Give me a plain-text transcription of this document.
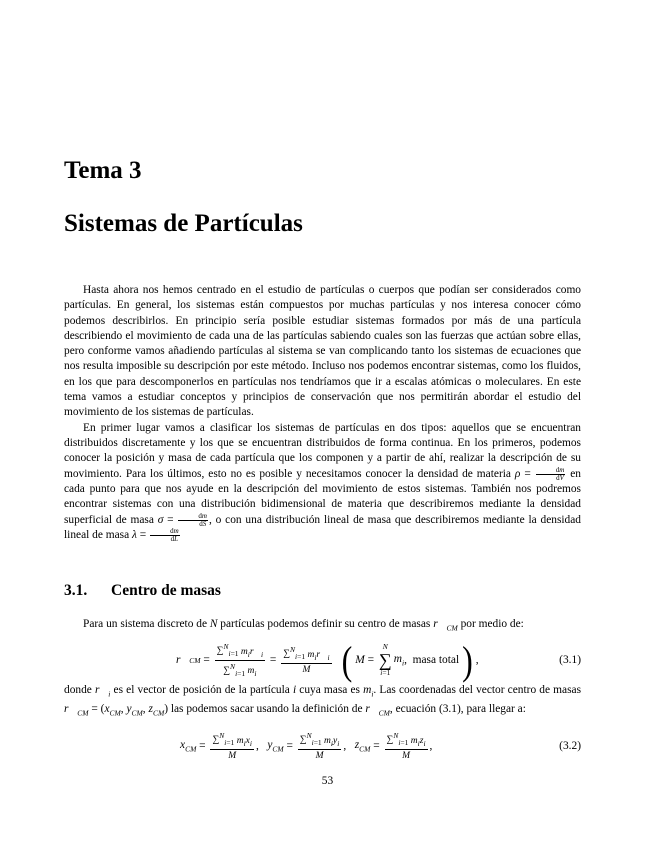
Tema 3
Sistemas de Partículas

Hasta ahora nos hemos centrado en el estudio de partículas o cuerpos que podían ser considerados como partículas. En general, los sistemas están compuestos por muchas partículas y nos interesa conocer cómo podemos describirlos. En principio sería posible estudiar sistemas formados por más de una partícula describiendo el movimiento de cada una de las partículas sabiendo cuales son las fuerzas que actúan sobre ellas, pero conforme vamos añadiendo partículas al sistema se van complicando tanto los sistemas de ecuaciones que nos resulta imposible su descripción por este método. Incluso nos podemos encontrar sistemas, como los fluidos, en los que para descomponerlos en partículas nos tendríamos que ir a escalas atómicas o moleculares. En este tema vamos a estudiar conceptos y principios de conservación que nos permitirán abordar el estudio del movimiento de los sistemas de partículas.

En primer lugar vamos a clasificar los sistemas de partículas en dos tipos: aquellos que se encuentran distribuidos discretamente y los que se encuentran distribuidos de forma continua. En los primeros, podemos conocer la posición y masa de cada partícula que los componen y a partir de ahí, realizar la descripción de su movimiento. Para los últimos, esto no es posible y necesitamos conocer la densidad de materia $\rho = \frac{dm}{dV}$ en cada punto para que nos ayude en la descripción del movimiento de estos sistemas. También nos podremos encontrar sistemas con una distribución bidimensional de materia que describiremos mediante la densidad superficial de masa $\sigma = \frac{dm}{dS}$ , o con una distribución lineal de masa que describiremos mediante la densidad lineal de masa $\lambda = \frac{dm}{dL}$

3.1. Centro de masas

Para un sistema discreto de N partículas podemos definir su centro de masas $r⃗_{CM}$ por medio de:

r⃗ CM = $\frac{\sum^N_{i=1} m_ir⃗_i}{\sum^N_{i=1} m_i} = \frac{\sum^N_{i=1} m_ir⃗_i}{M}$ ( M =
N
∑
i=1
$m_i$ , masa total ) ,	(3.1)

donde $r⃗_i$ es el vector de posición de la partícula i cuya masa es $m_i$. Las coordenadas del vector centro de masas $r⃗_{CM} = (x_{CM}$, $y_{CM}$, $z_{CM}$) las podemos sacar usando la definición de $r⃗_{CM}$, ecuación (3.1), para llegar a:

$x_{CM} = \frac{\sum^N_{i=1} m_ix_i}{M}$ , $y_{CM} = \frac{\sum^N_{i=1} m_iy_i}{M}$ , $z_{CM} = \frac{\sum^N_{i=1} m_iz_i}{M}$ ,	(3.2)
53
